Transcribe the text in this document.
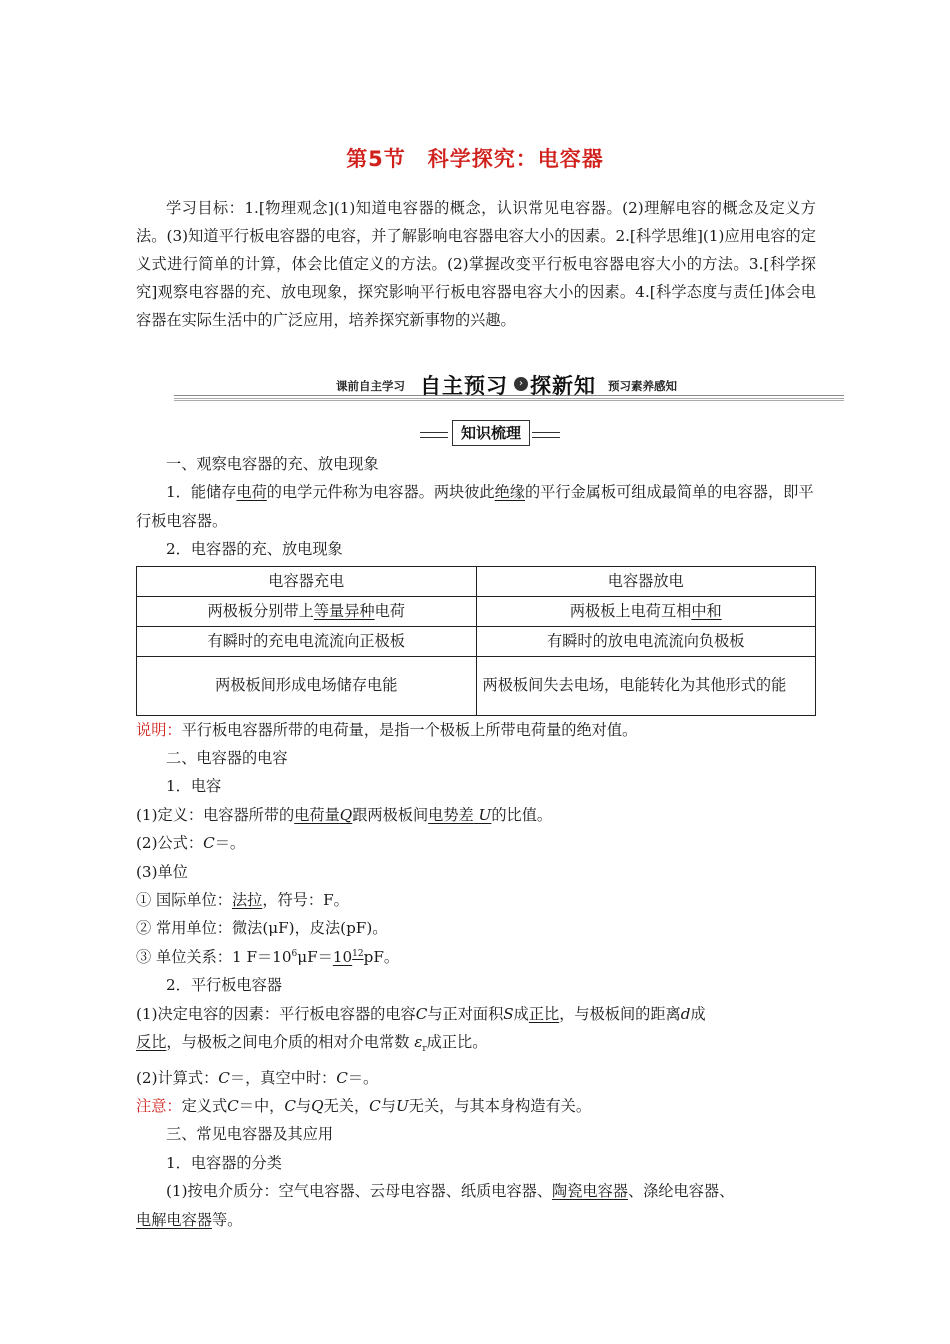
第5节　科学探究：电容器
学习目标：1.[物理观念](1)知道电容器的概念，认识常见电容器。(2)理解电容的概念及定义方法。(3)知道平行板电容器的电容，并了解影响电容器电容大小的因素。2.[科学思维](1)应用电容的定义式进行简单的计算，体会比值定义的方法。(2)掌握改变平行板电容器电容大小的方法。3.[科学探究]观察电容器的充、放电现象，探究影响平行板电容器电容大小的因素。4.[科学态度与责任]体会电容器在实际生活中的广泛应用，培养探究新事物的兴趣。
课前自主学习 自主预习	› 探新知 预习素养感知
知识梳理

一、观察电容器的充、放电现象

1．能储存电荷的电学元件称为电容器。两块彼此绝缘的平行金属板可组成最简单的电容器，即平行板电容器。

2．电容器的充、放电现象

电容器充电	电容器放电
两极板分别带上等量异种电荷	两极板上电荷互相中和
有瞬时的充电电流流向正极板	有瞬时的放电电流流向负极板
两极板间形成电场储存电能	两极板间失去电场，电能转化为其他形式的能

说明：平行板电容器所带的电荷量，是指一个极板上所带电荷量的绝对值。

二、电容器的电容

1．电容

(1)定义：电容器所带的电荷量Q跟两极板间电势差 U的比值。

(2)公式：C＝。

(3)单位

① 国际单位：法拉，符号：F。

② 常用单位：微法(μF)，皮法(pF)。

③ 单位关系：1 $F=10^6\mu F=10^{12}pF$。

2．平行板电容器

(1)决定电容的因素：平行板电容器的电容C与正对面积S成正比，与极板间的距离d成
反比，与极板之间电介质的相对介电常数 $\varepsilon_r$成正比。

(2)计算式：C＝，真空中时：C＝。

注意：定义式C＝中，C与Q无关，C与U无关，与其本身构造有关。

三、常见电容器及其应用

1．电容器的分类

(1)按电介质分：空气电容器、云母电容器、纸质电容器、陶瓷电容器、涤纶电容器、
电解电容器等。
